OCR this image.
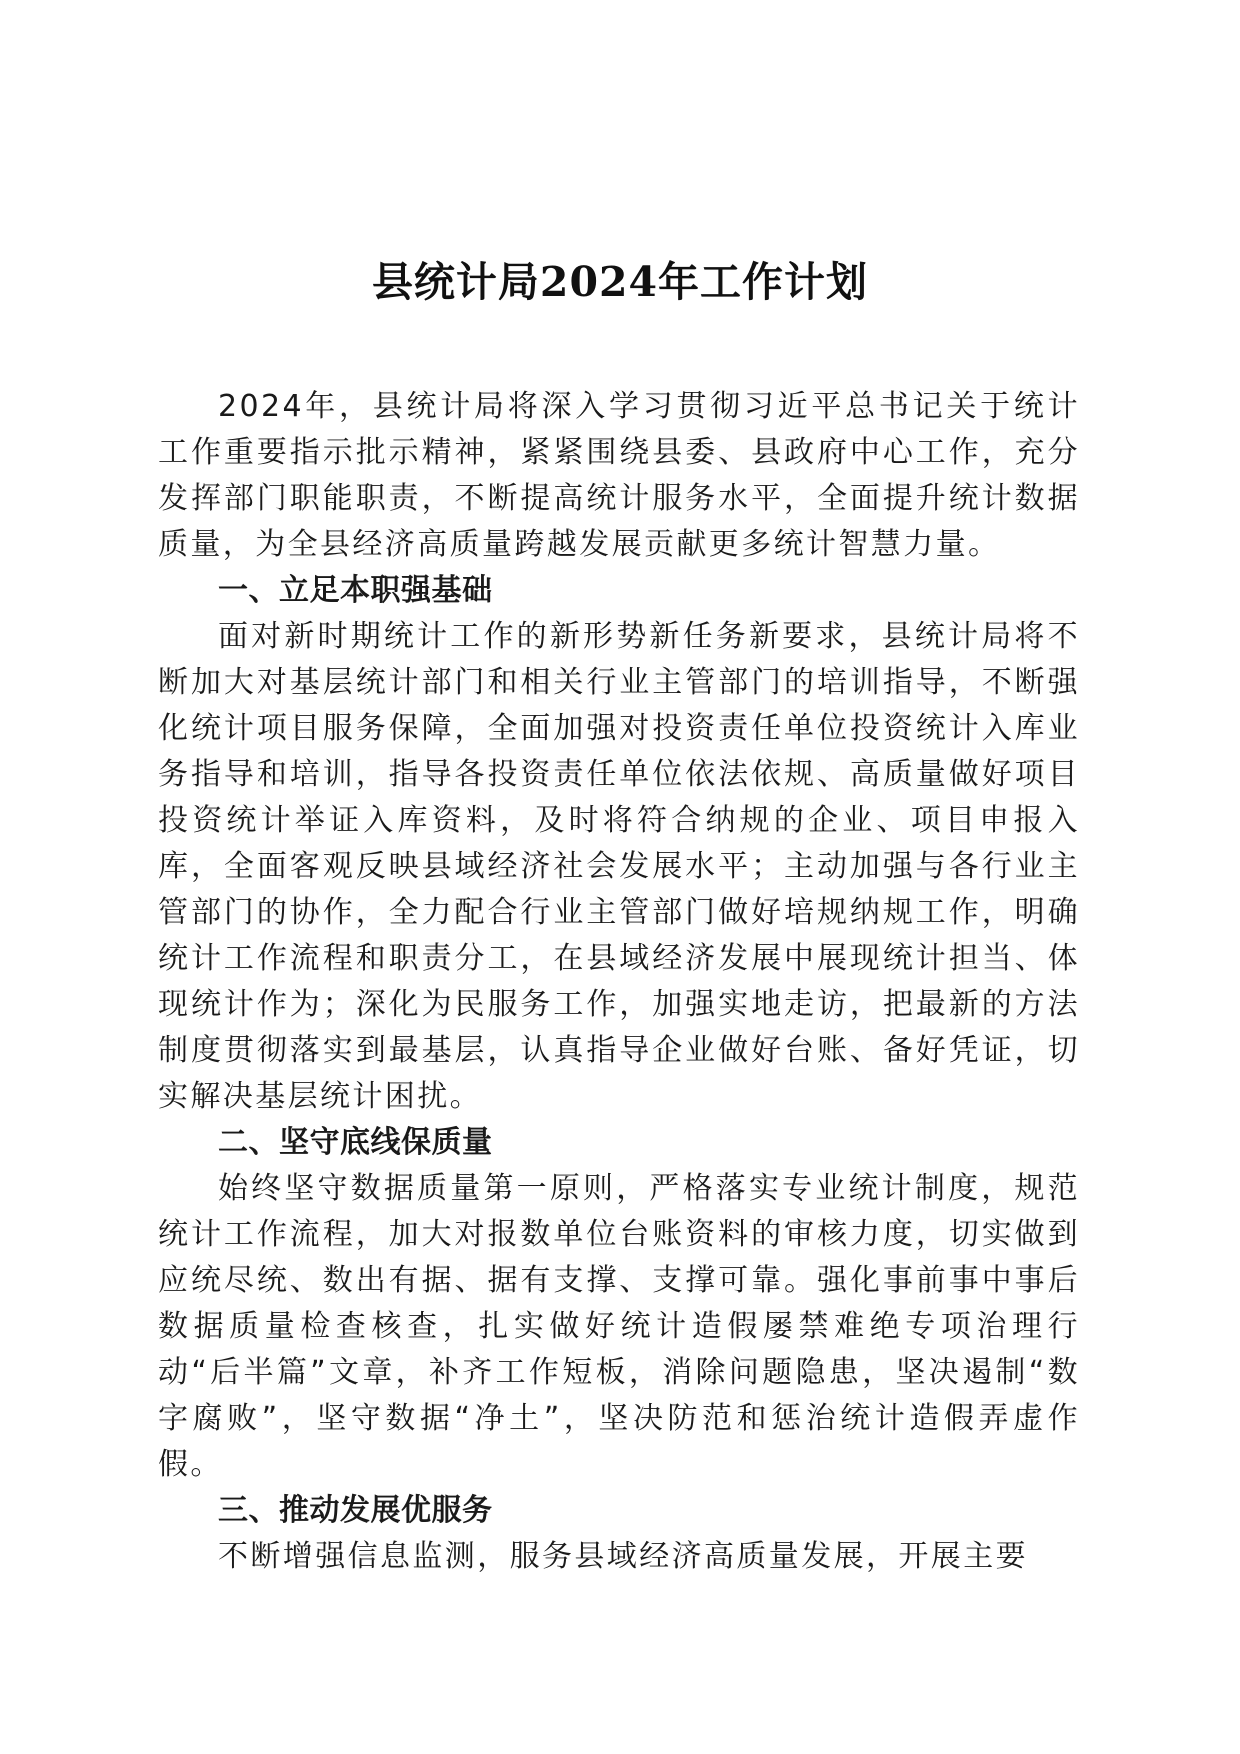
县统计局2024年工作计划

2024年，县统计局将深入学习贯彻习近平总书记关于统计工作重要指示批示精神，紧紧围绕县委、县政府中心工作，充分发挥部门职能职责，不断提高统计服务水平，全面提升统计数据质量，为全县经济高质量跨越发展贡献更多统计智慧力量。

一、立足本职强基础

面对新时期统计工作的新形势新任务新要求，县统计局将不断加大对基层统计部门和相关行业主管部门的培训指导，不断强化统计项目服务保障，全面加强对投资责任单位投资统计入库业务指导和培训，指导各投资责任单位依法依规、高质量做好项目投资统计举证入库资料，及时将符合纳规的企业、项目申报入库，全面客观反映县域经济社会发展水平；主动加强与各行业主管部门的协作，全力配合行业主管部门做好培规纳规工作，明确统计工作流程和职责分工，在县域经济发展中展现统计担当、体现统计作为；深化为民服务工作，加强实地走访，把最新的方法制度贯彻落实到最基层，认真指导企业做好台账、备好凭证，切实解决基层统计困扰。

二、坚守底线保质量

始终坚守数据质量第一原则，严格落实专业统计制度，规范统计工作流程，加大对报数单位台账资料的审核力度，切实做到应统尽统、数出有据、据有支撑、支撑可靠。强化事前事中事后数据质量检查核查，扎实做好统计造假屡禁难绝专项治理行动“后半篇”文章，补齐工作短板，消除问题隐患，坚决遏制“数字腐败”，坚守数据“净土”，坚决防范和惩治统计造假弄虚作假。

三、推动发展优服务

不断增强信息监测，服务县域经济高质量发展，开展主要
